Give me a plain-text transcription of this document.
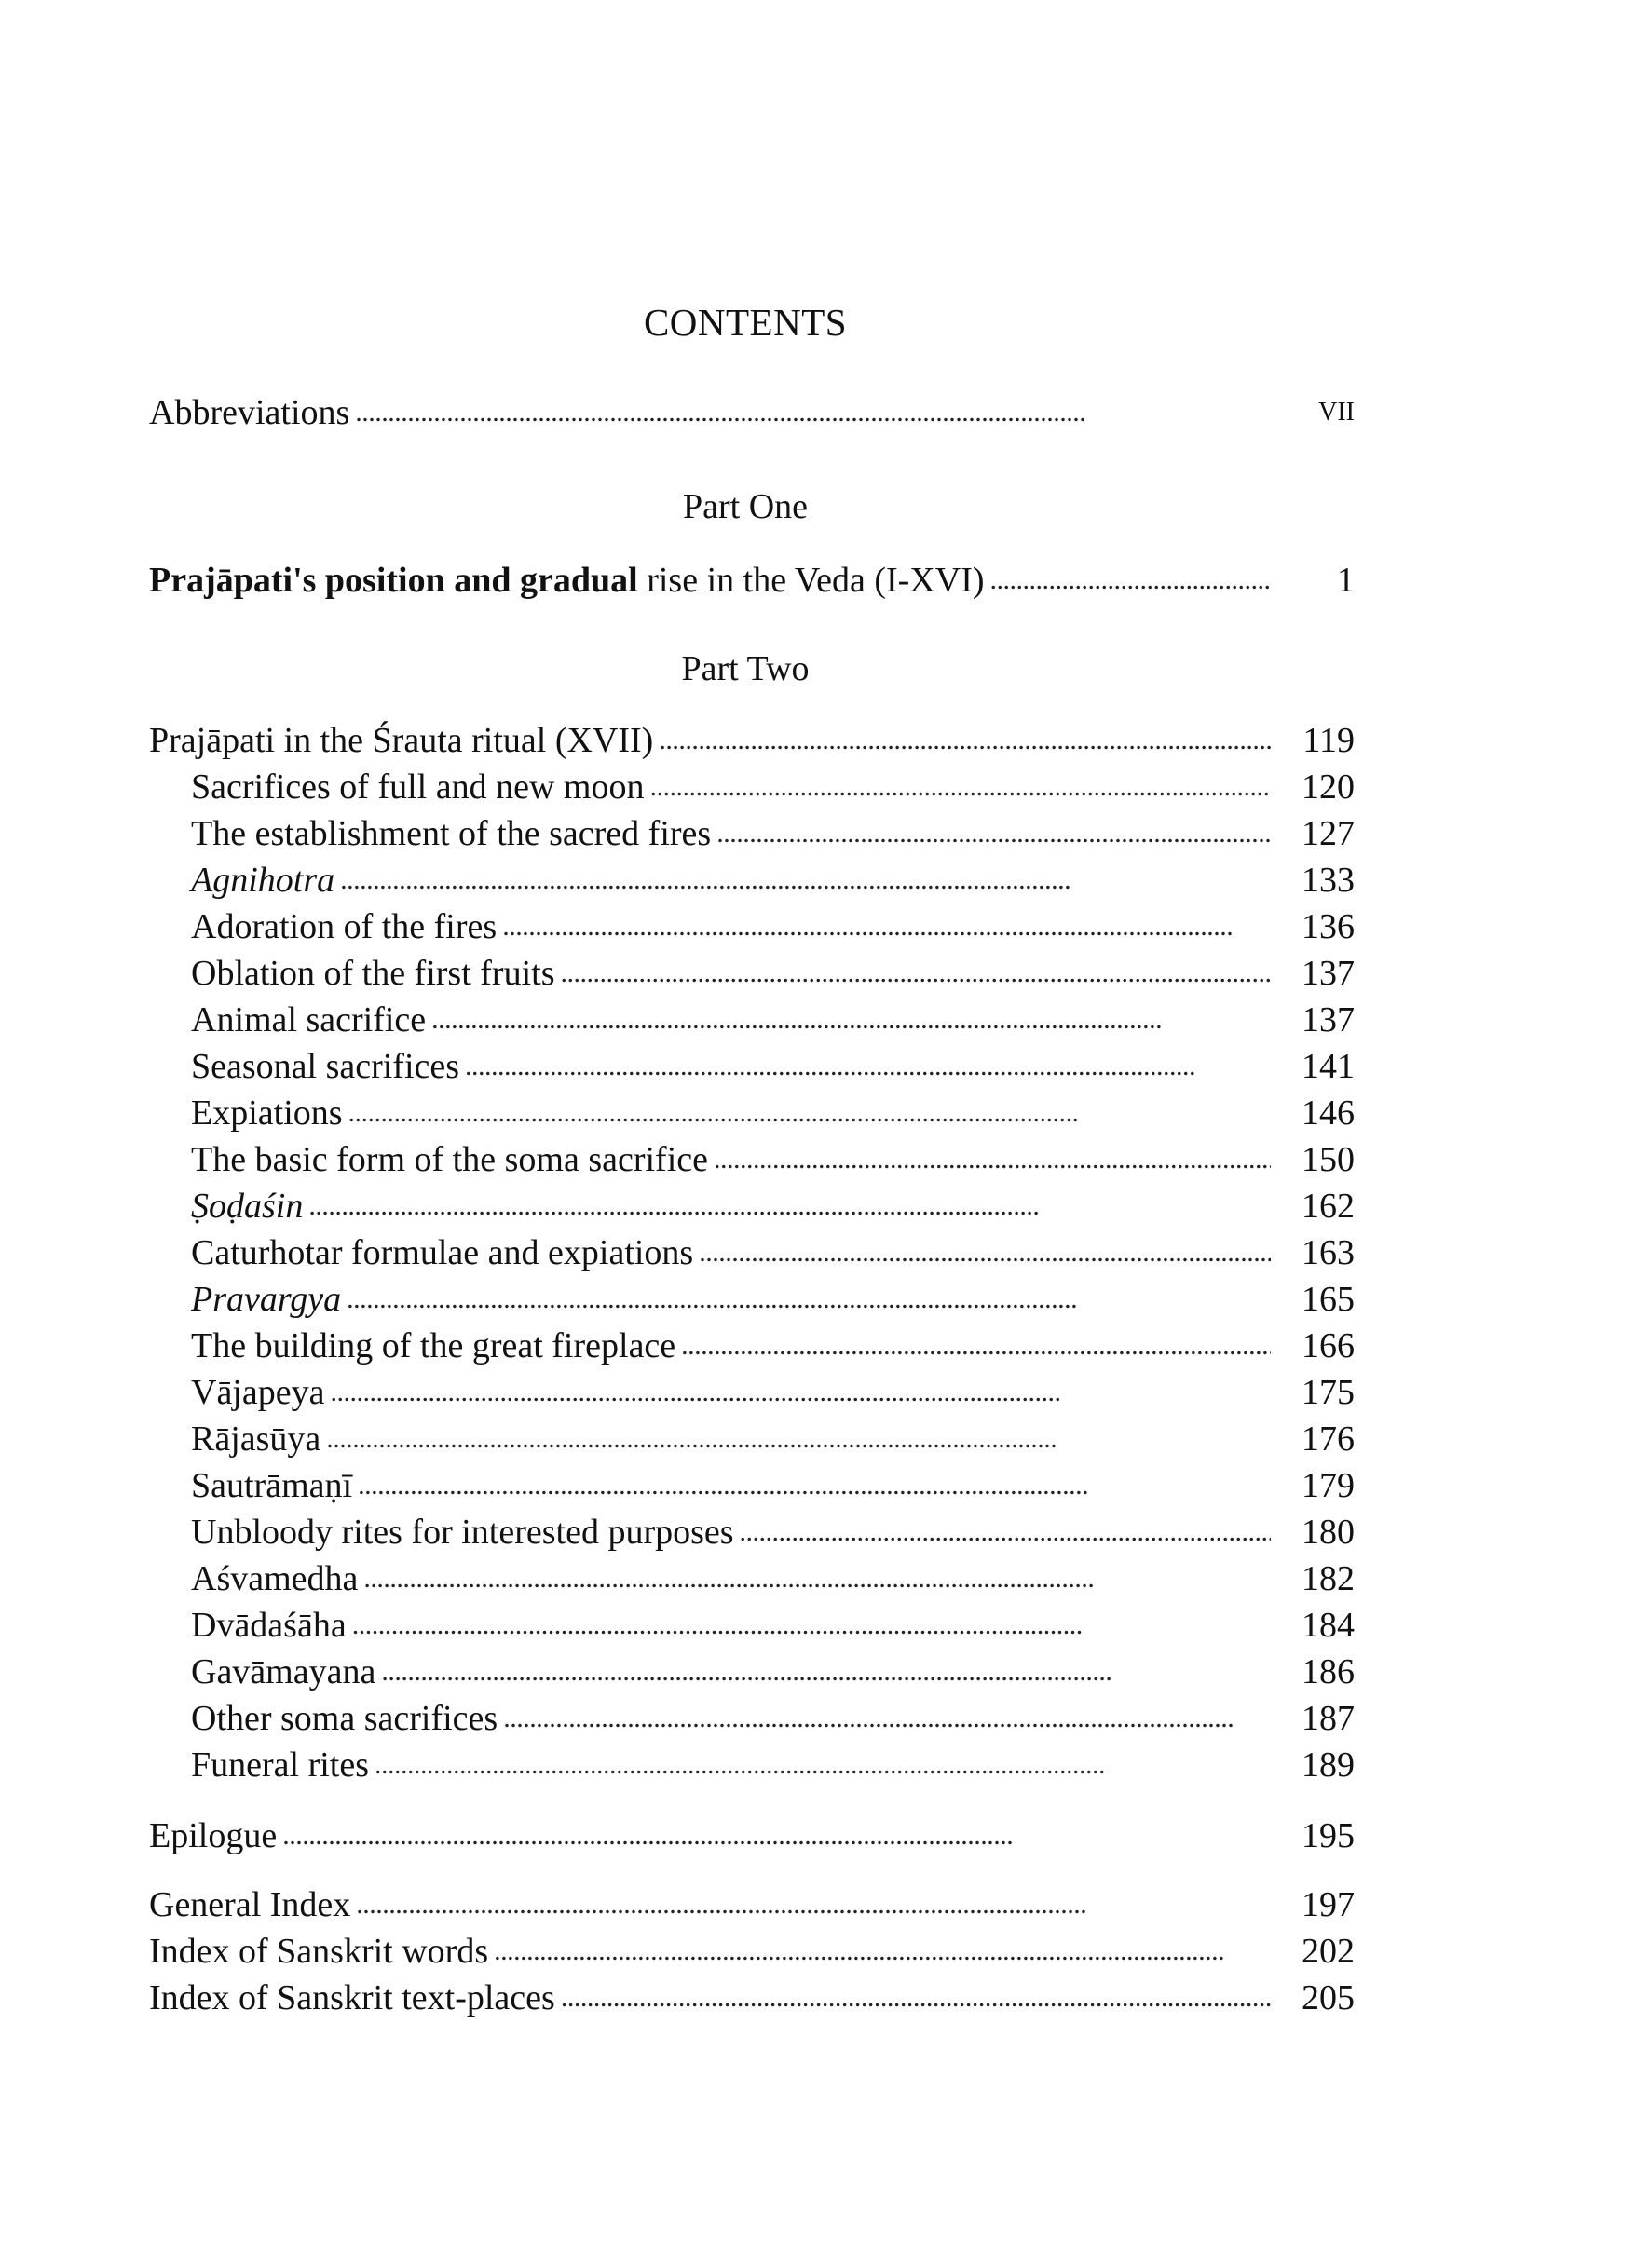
CONTENTS
Abbreviations . . .	VII
Part One
Prajāpati's position and gradual rise in the Veda (I-XVI) . . .	1
Part Two
Prajāpati in the Śrauta ritual (XVII) . . .	119
Sacrifices of full and new moon . . .	120
The establishment of the sacred fires . . .	127
Agnihotra . . .	133
Adoration of the fires . . .	136
Oblation of the first fruits . . .	137
Animal sacrifice . . .	137
Seasonal sacrifices . . .	141
Expiations . . .	146
The basic form of the soma sacrifice . . .	150
Ṣoḍaśin . . .	162
Caturhotar formulae and expiations . . .	163
Pravargya . . .	165
The building of the great fireplace . . .	166
Vājapeya . . .	175
Rājasūya . . .	176
Sautrāmaṇī . . .	179
Unbloody rites for interested purposes . . .	180
Aśvamedha . . .	182
Dvādaśāha . . .	184
Gavāmayana . . .	186
Other soma sacrifices . . .	187
Funeral rites . . .	189
Epilogue . . .	195
General Index . . .	197
Index of Sanskrit words . . .	202
Index of Sanskrit text-places . . .	205
